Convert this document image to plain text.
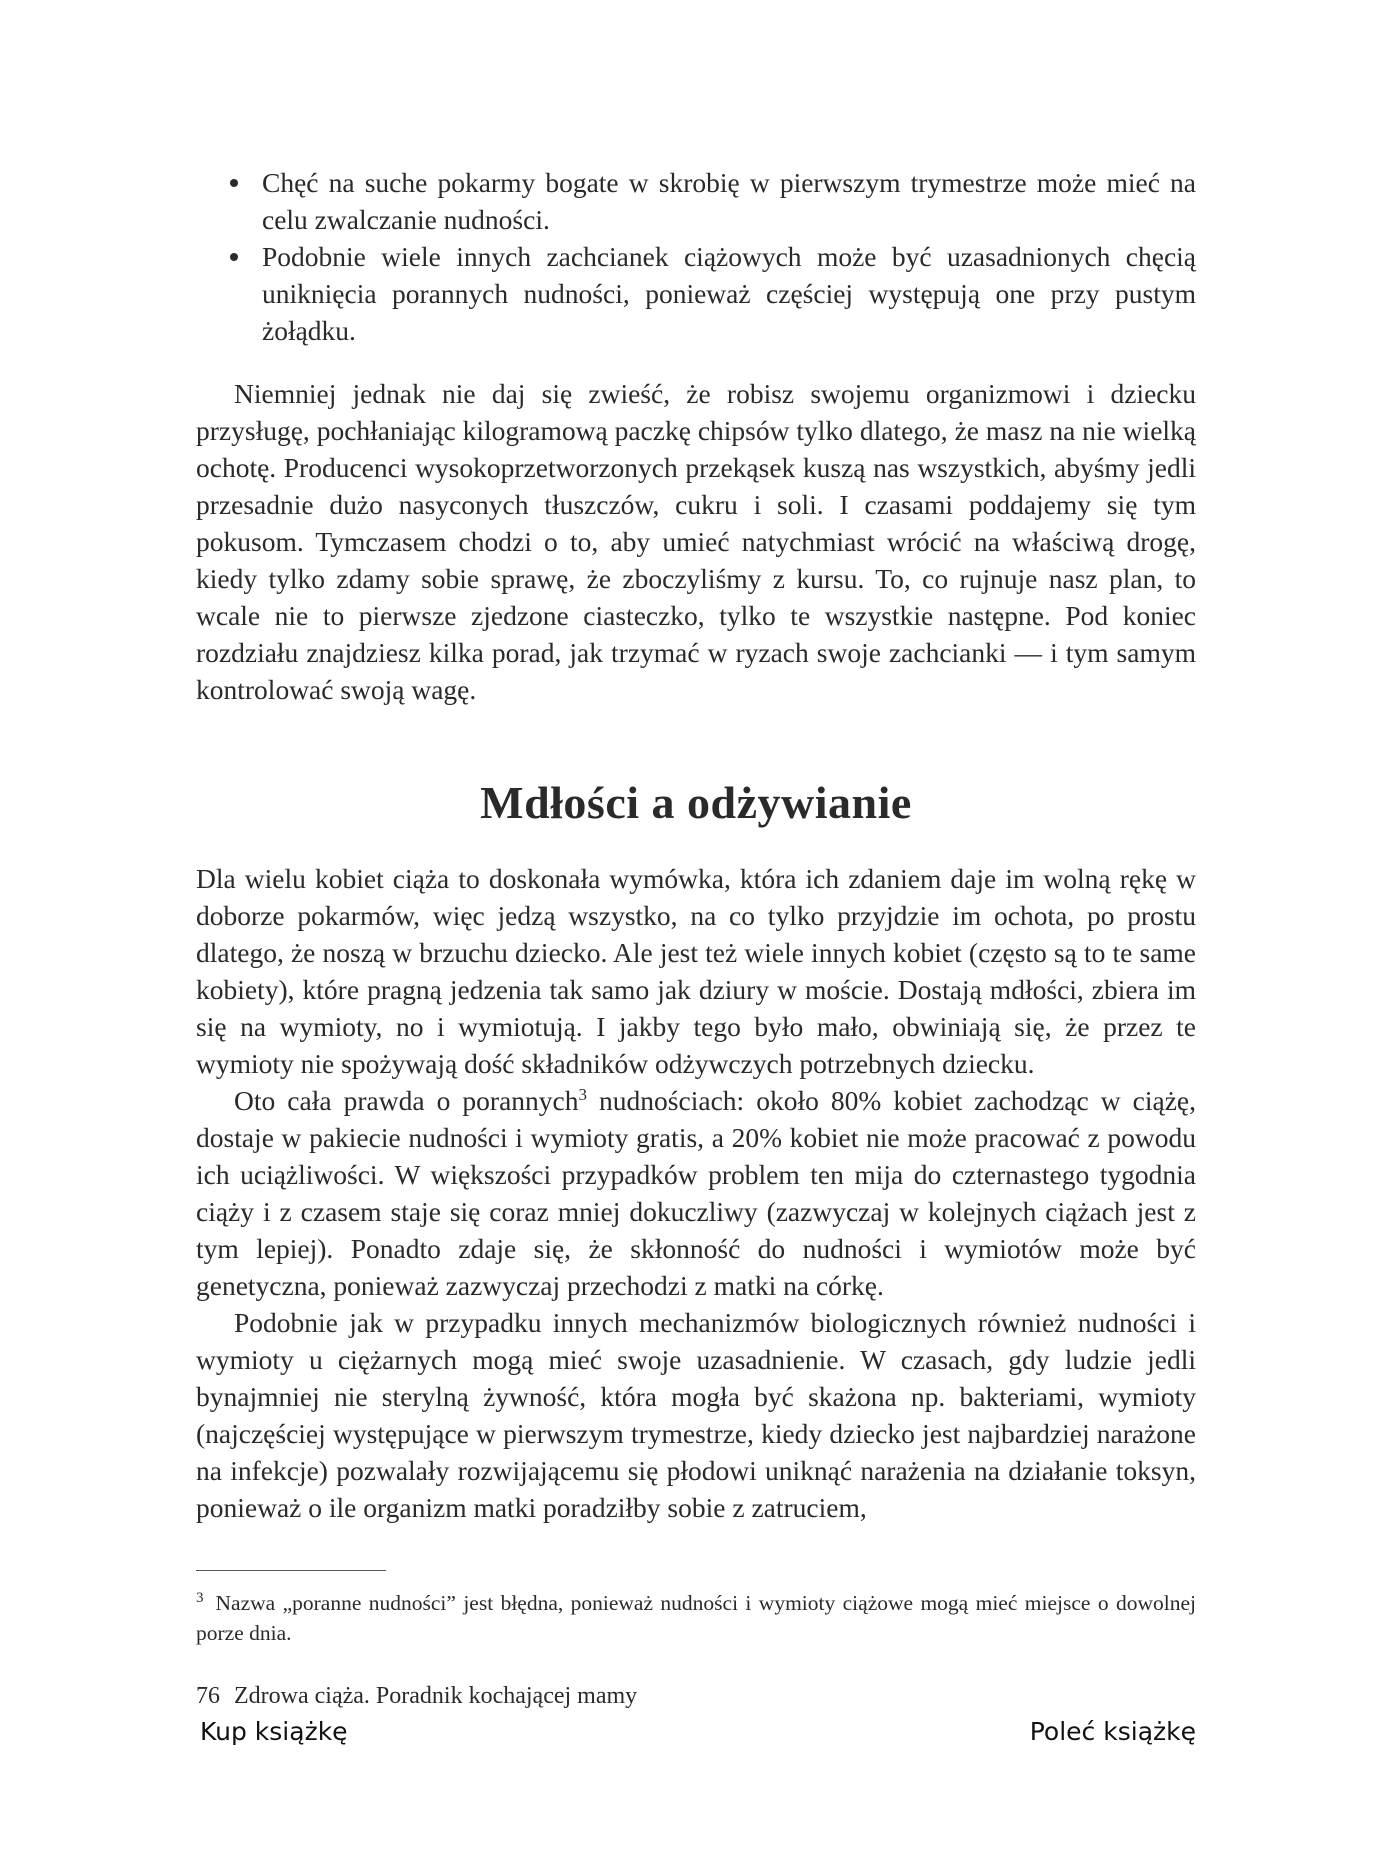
Chęć na suche pokarmy bogate w skrobię w pierwszym trymestrze może mieć na celu zwalczanie nudności.
Podobnie wiele innych zachcianek ciążowych może być uzasadnionych chęcią uniknięcia porannych nudności, ponieważ częściej występują one przy pustym żołądku.

Niemniej jednak nie daj się zwieść, że robisz swojemu organizmowi i dziecku przysługę, pochłaniając kilogramową paczkę chipsów tylko dlatego, że masz na nie wielką ochotę. Producenci wysokoprzetworzonych przekąsek kuszą nas wszystkich, abyśmy jedli przesadnie dużo nasyconych tłuszczów, cukru i soli. I czasami poddajemy się tym pokusom. Tymczasem chodzi o to, aby umieć natychmiast wrócić na właściwą drogę, kiedy tylko zdamy sobie sprawę, że zboczyliśmy z kursu. To, co rujnuje nasz plan, to wcale nie to pierwsze zjedzone ciasteczko, tylko te wszystkie następne. Pod koniec rozdziału znajdziesz kilka porad, jak trzymać w ryzach swoje zachcianki — i tym samym kontrolować swoją wagę.

Mdłości a odżywianie

Dla wielu kobiet ciąża to doskonała wymówka, która ich zdaniem daje im wolną rękę w doborze pokarmów, więc jedzą wszystko, na co tylko przyjdzie im ochota, po prostu dlatego, że noszą w brzuchu dziecko. Ale jest też wiele innych kobiet (często są to te same kobiety), które pragną jedzenia tak samo jak dziury w moście. Dostają mdłości, zbiera im się na wymioty, no i wymiotują. I jakby tego było mało, obwiniają się, że przez te wymioty nie spożywają dość składników odżywczych potrzebnych dziecku.

Oto cała prawda o porannych$^3$ nudnościach: około 80% kobiet zachodząc w ciążę, dostaje w pakiecie nudności i wymioty gratis, a 20% kobiet nie może pracować z powodu ich uciążliwości. W większości przypadków problem ten mija do czternastego tygodnia ciąży i z czasem staje się coraz mniej dokuczliwy (zazwyczaj w kolejnych ciążach jest z tym lepiej). Ponadto zdaje się, że skłonność do nudności i wymiotów może być genetyczna, ponieważ zazwyczaj przechodzi z matki na córkę.

Podobnie jak w przypadku innych mechanizmów biologicznych również nudności i wymioty u ciężarnych mogą mieć swoje uzasadnienie. W czasach, gdy ludzie jedli bynajmniej nie sterylną żywność, która mogła być skażona np. bakteriami, wymioty (najczęściej występujące w pierwszym trymestrze, kiedy dziecko jest najbardziej narażone na infekcje) pozwalały rozwijającemu się płodowi uniknąć narażenia na działanie toksyn, ponieważ o ile organizm matki poradziłby sobie z zatruciem,

$^3$ Nazwa „poranne nudności” jest błędna, ponieważ nudności i wymioty ciążowe mogą mieć miejsce o dowolnej porze dnia.

76 Zdrowa ciąża. Poradnik kochającej mamy
Kup książkę	Poleć książkę
